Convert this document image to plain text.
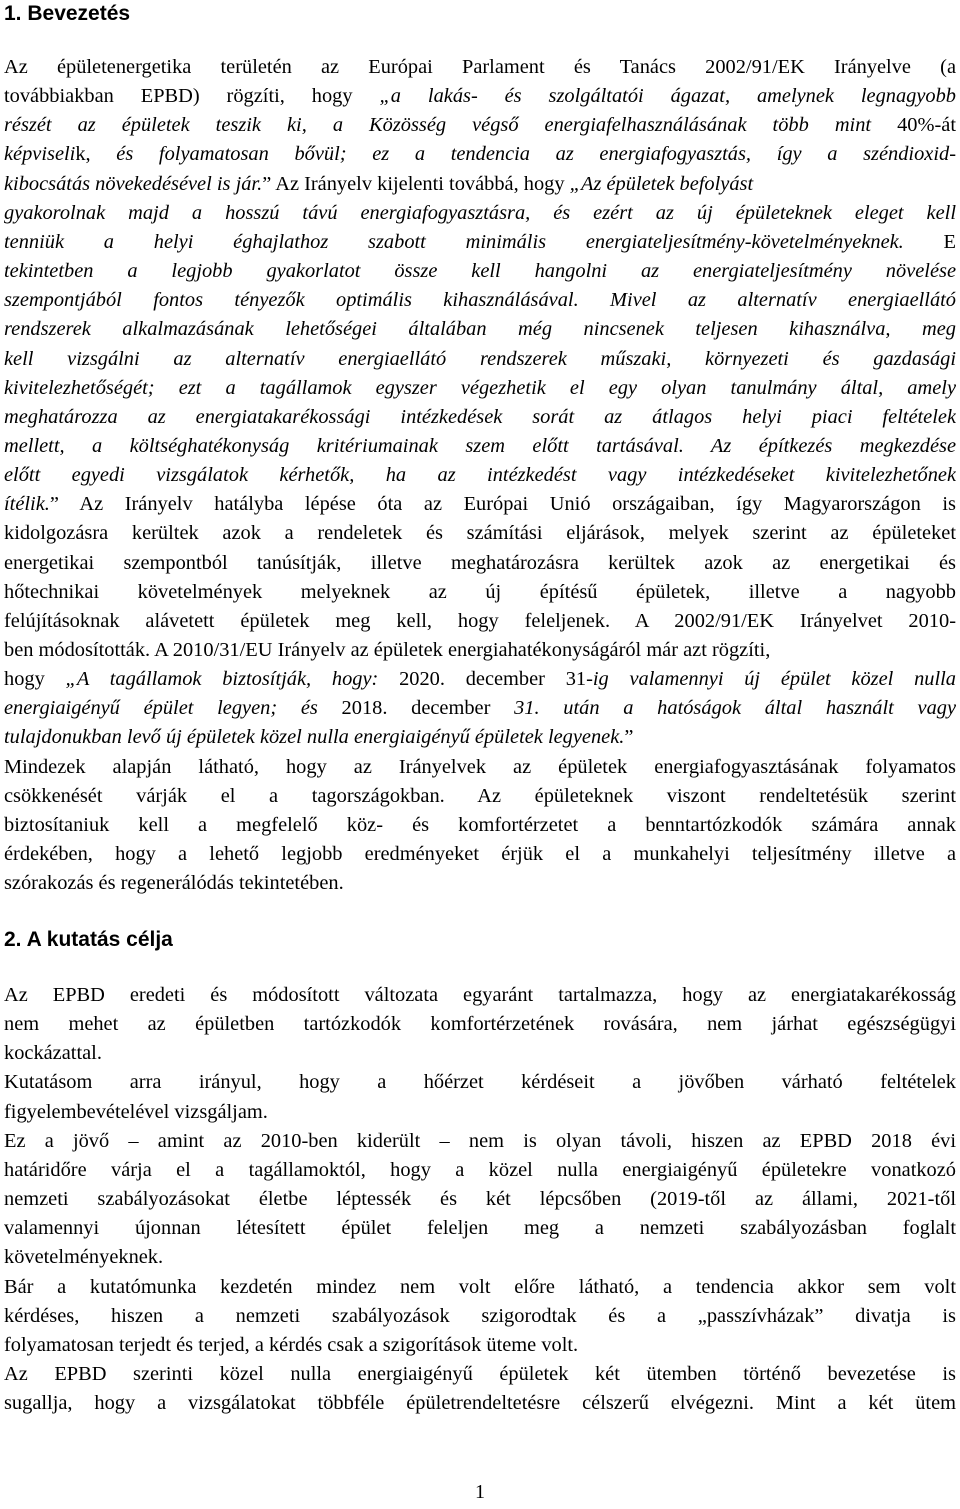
1. Bevezetés
Az épületenergetika területén az Európai Parlament és Tanács 2002/91/EK Irányelve (a
továbbiakban EPBD) rögzíti, hogy „a lakás- és szolgáltatói ágazat, amelynek legnagyobb
részét az épületek teszik ki, a Közösség végső energiafelhasználásának több mint 40%-át
képviselik, és folyamatosan bővül; ez a tendencia az energiafogyasztás, így a széndioxid-
kibocsátás növekedésével is jár.” Az Irányelv kijelenti továbbá, hogy „Az épületek befolyást
gyakorolnak majd a hosszú távú energiafogyasztásra, és ezért az új épületeknek eleget kell
tenniük a helyi éghajlathoz szabott minimális energiateljesítmény-követelményeknek. E
tekintetben a legjobb gyakorlatot össze kell hangolni az energiateljesítmény növelése
szempontjából fontos tényezők optimális kihasználásával. Mivel az alternatív energiaellátó
rendszerek alkalmazásának lehetőségei általában még nincsenek teljesen kihasználva, meg
kell vizsgálni az alternatív energiaellátó rendszerek műszaki, környezeti és gazdasági
kivitelezhetőségét; ezt a tagállamok egyszer végezhetik el egy olyan tanulmány által, amely
meghatározza az energiatakarékossági intézkedések sorát az átlagos helyi piaci feltételek
mellett, a költséghatékonyság kritériumainak szem előtt tartásával. Az építkezés megkezdése
előtt egyedi vizsgálatok kérhetők, ha az intézkedést vagy intézkedéseket kivitelezhetőnek
ítélik.” Az Irányelv hatályba lépése óta az Európai Unió országaiban, így Magyarországon is
kidolgozásra kerültek azok a rendeletek és számítási eljárások, melyek szerint az épületeket
energetikai szempontból tanúsítják, illetve meghatározásra kerültek azok az energetikai és
hőtechnikai követelmények melyeknek az új építésű épületek, illetve a nagyobb
felújításoknak alávetett épületek meg kell, hogy feleljenek. A 2002/91/EK Irányelvet 2010-
ben módosították. A 2010/31/EU Irányelv az épületek energiahatékonyságáról már azt rögzíti,
hogy „A tagállamok biztosítják, hogy: 2020. december 31-ig valamennyi új épület közel nulla
energiaigényű épület legyen; és 2018. december 31. után a hatóságok által használt vagy
tulajdonukban levő új épületek közel nulla energiaigényű épületek legyenek.”
Mindezek alapján látható, hogy az Irányelvek az épületek energiafogyasztásának folyamatos
csökkenését várják el a tagországokban. Az épületeknek viszont rendeltetésük szerint
biztosítaniuk kell a megfelelő köz- és komfortérzetet a benntartózkodók számára annak
érdekében, hogy a lehető legjobb eredményeket érjük el a munkahelyi teljesítmény illetve a
szórakozás és regenerálódás tekintetében.
2. A kutatás célja
Az EPBD eredeti és módosított változata egyaránt tartalmazza, hogy az energiatakarékosság
nem mehet az épületben tartózkodók komfortérzetének rovására, nem járhat egészségügyi
kockázattal.
Kutatásom arra irányul, hogy a hőérzet kérdéseit a jövőben várható feltételek
figyelembevételével vizsgáljam.
Ez a jövő – amint az 2010-ben kiderült – nem is olyan távoli, hiszen az EPBD 2018 évi
határidőre várja el a tagállamoktól, hogy a közel nulla energiaigényű épületekre vonatkozó
nemzeti szabályozásokat életbe léptessék és két lépcsőben (2019-től az állami, 2021-től
valamennyi újonnan létesített épület feleljen meg a nemzeti szabályozásban foglalt
követelményeknek.
Bár a kutatómunka kezdetén mindez nem volt előre látható, a tendencia akkor sem volt
kérdéses, hiszen a nemzeti szabályozások szigorodtak és a „passzívházak” divatja is
folyamatosan terjedt és terjed, a kérdés csak a szigorítások üteme volt.
Az EPBD szerinti közel nulla energiaigényű épületek két ütemben történő bevezetése is
sugallja, hogy a vizsgálatokat többféle épületrendeltetésre célszerű elvégezni. Mint a két ütem
1
